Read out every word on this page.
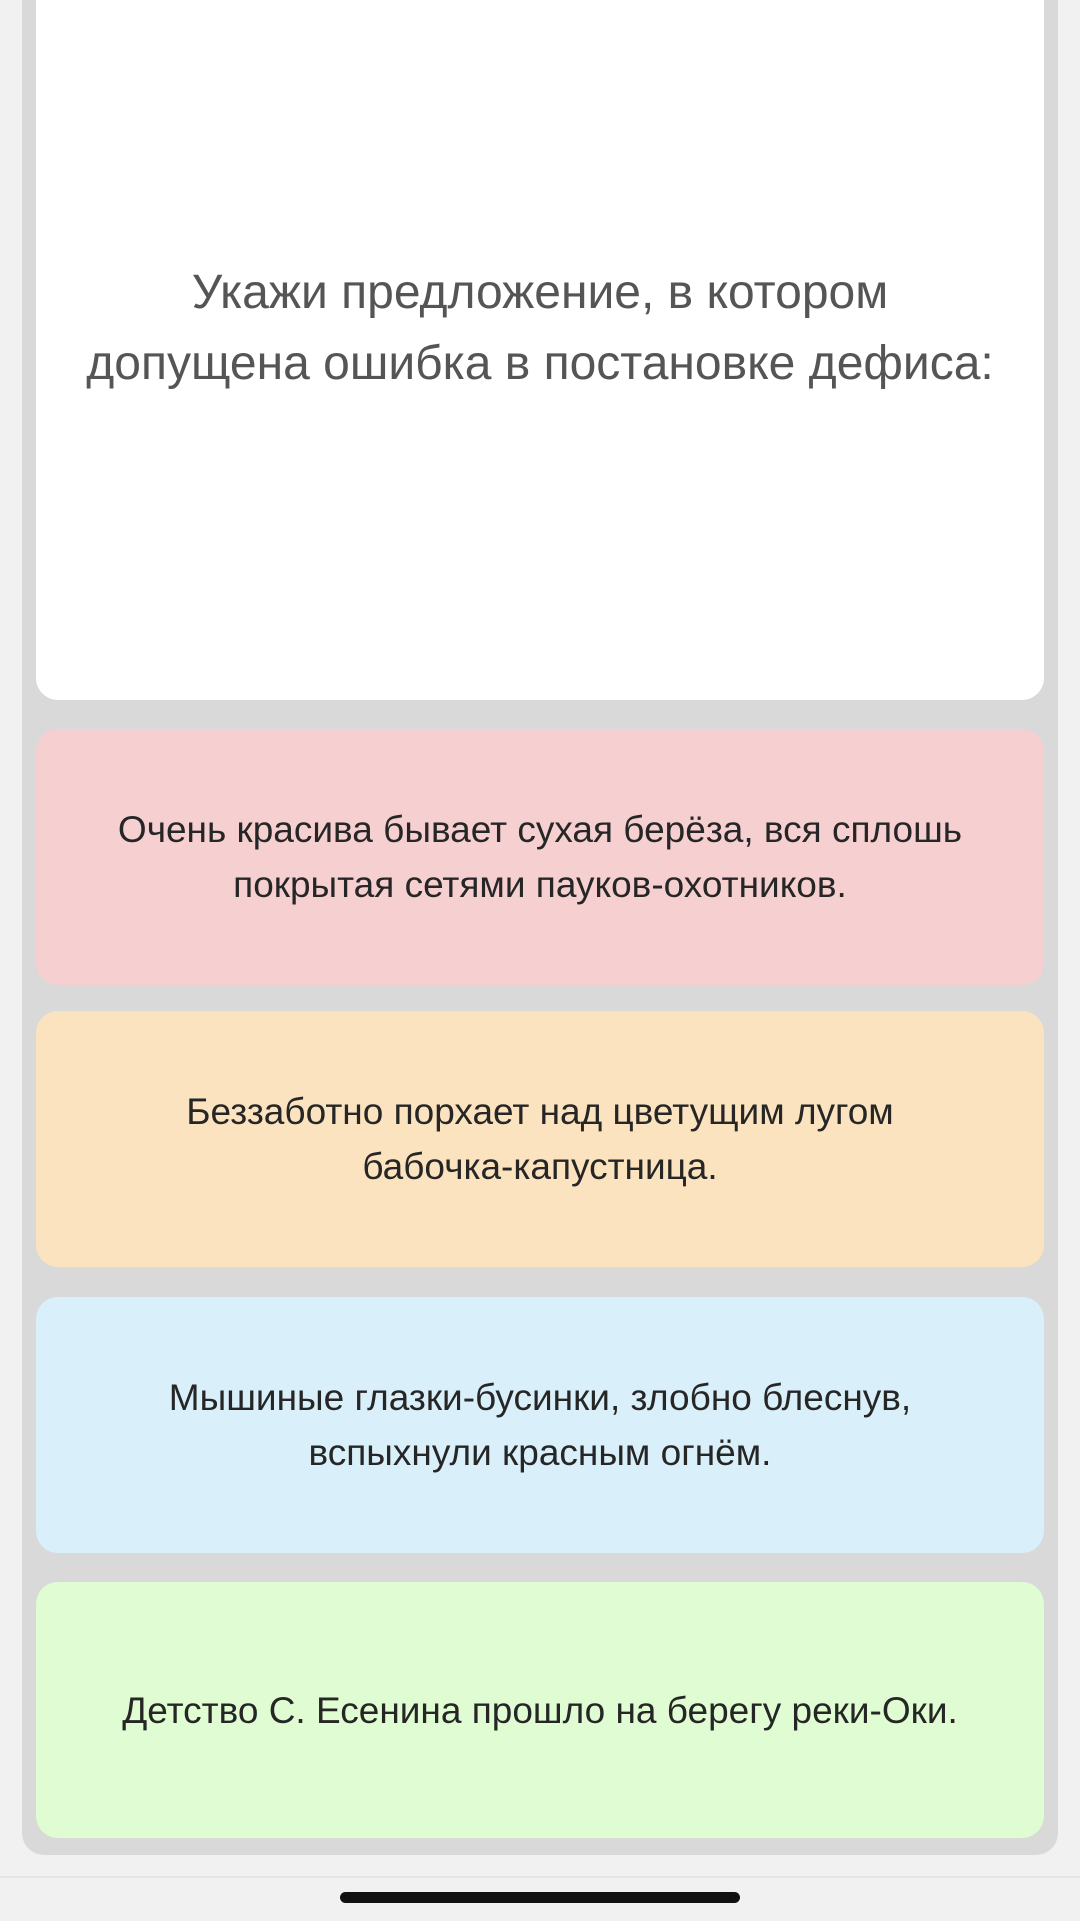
Укажи предложение, в котором допущена ошибка в постановке дефиса:
Очень красива бывает сухая берёза, вся сплошь покрытая сетями пауков-охотников.
Беззаботно порхает над цветущим лугом бабочка-капустница.
Мышиные глазки-бусинки, злобно блеснув, вспыхнули красным огнём.
Детство С. Есенина прошло на берегу реки-Оки.
